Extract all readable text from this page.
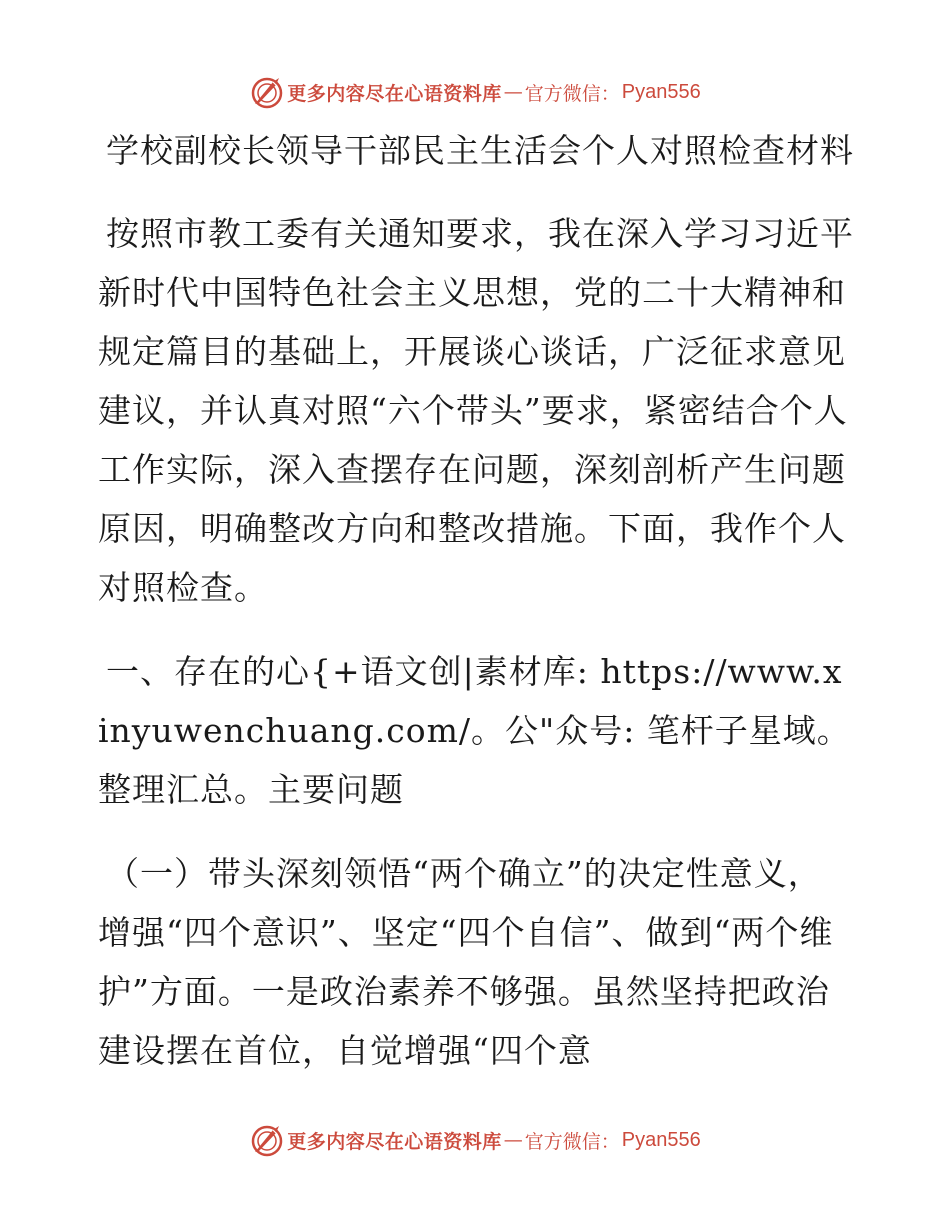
更多内容尽在心语资料库 — 官方微信： Pyan556

学校副校长领导干部民主生活会个人对照检查材料

按照市教工委有关通知要求，我在深入学习习近平新时代中国特色社会主义思想，党的二十大精神和规定篇目的基础上，开展谈心谈话，广泛征求意见建议，并认真对照“六个带头”要求，紧密结合个人工作实际，深入查摆存在问题，深刻剖析产生问题原因，明确整改方向和整改措施。下面，我作个人对照检查。

一、存在的心{+语文创|素材库: https://www.xinyuwenchuang.com/。公"众号: 笔杆子星域。整理汇总。主要问题

（一）带头深刻领悟“两个确立”的决定性意义，增强“四个意识”、坚定“四个自信”、做到“两个维护”方面。一是政治素养不够强。虽然坚持把政治建设摆在首位，自觉增强“四个意

更多内容尽在心语资料库 — 官方微信： Pyan556
